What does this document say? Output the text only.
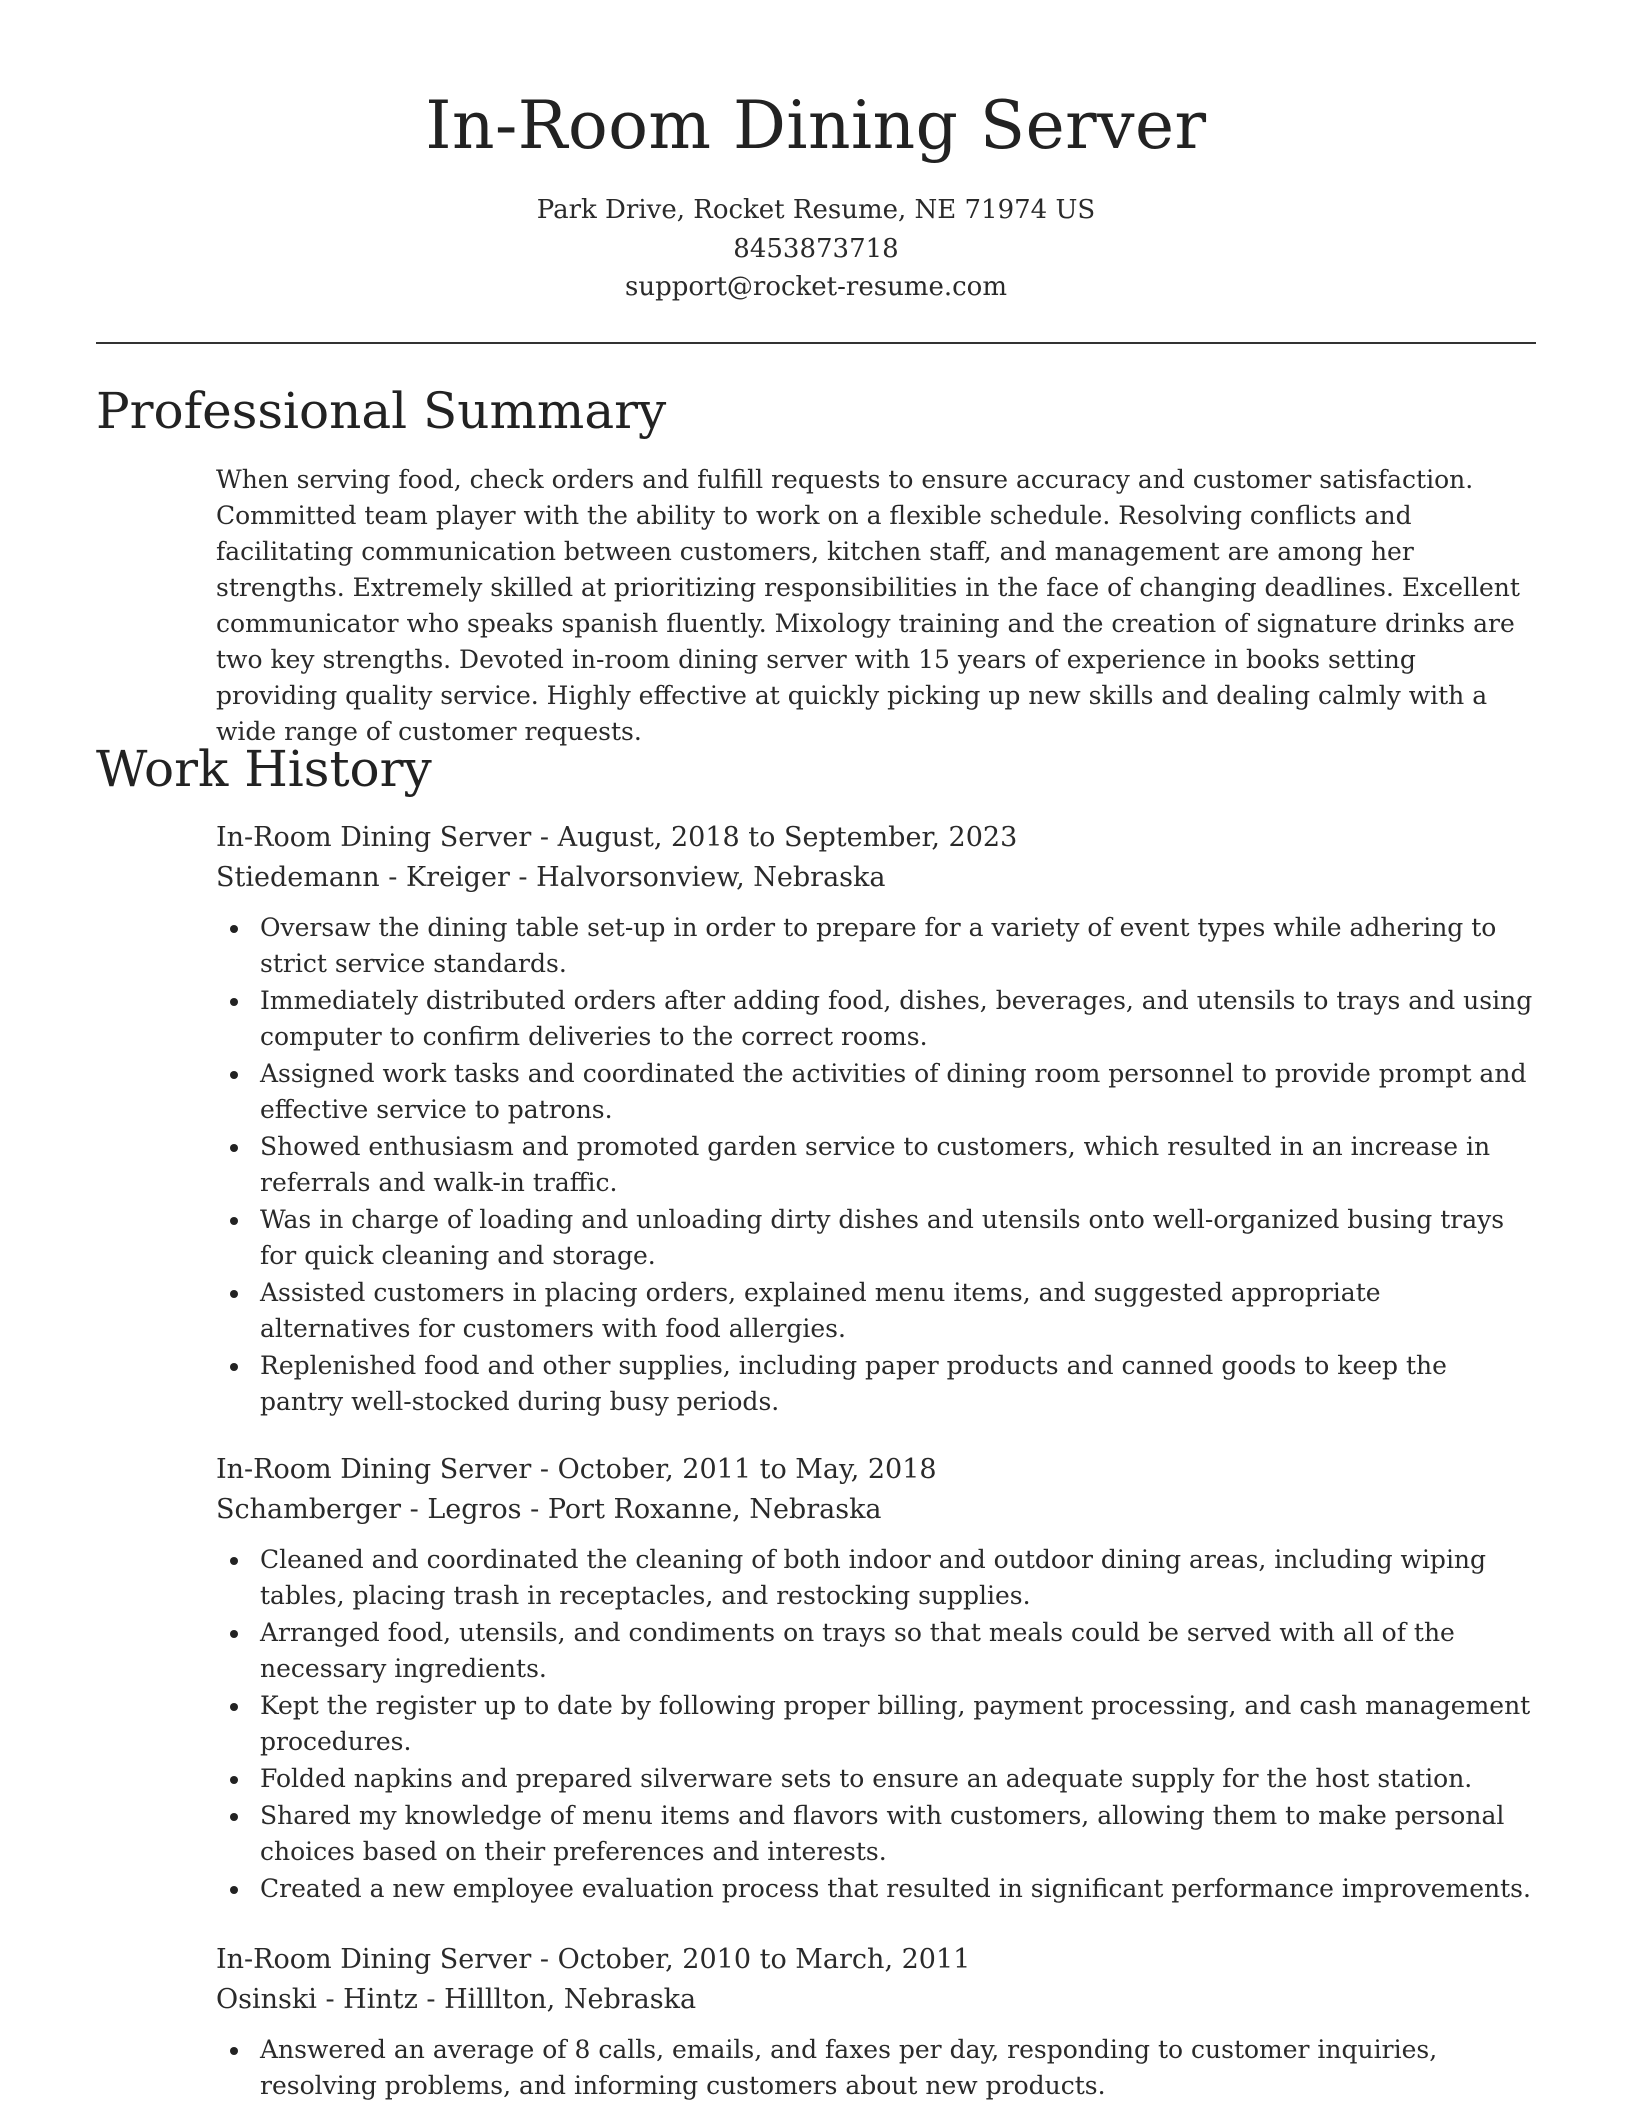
In-Room Dining Server
Park Drive, Rocket Resume, NE 71974 US
8453873718
support@rocket-resume.com
Professional Summary
When serving food, check orders and fulfill requests to ensure accuracy and customer satisfaction. Committed team player with the ability to work on a flexible schedule. Resolving conflicts and facilitating communication between customers, kitchen staff, and management are among her strengths. Extremely skilled at prioritizing responsibilities in the face of changing deadlines. Excellent communicator who speaks spanish fluently. Mixology training and the creation of signature drinks are two key strengths. Devoted in-room dining server with 15 years of experience in books setting providing quality service. Highly effective at quickly picking up new skills and dealing calmly with a wide range of customer requests.
Work History
In-Room Dining Server - August, 2018 to September, 2023
Stiedemann - Kreiger - Halvorsonview, Nebraska
Oversaw the dining table set-up in order to prepare for a variety of event types while adhering to strict service standards.
Immediately distributed orders after adding food, dishes, beverages, and utensils to trays and using computer to confirm deliveries to the correct rooms.
Assigned work tasks and coordinated the activities of dining room personnel to provide prompt and effective service to patrons.
Showed enthusiasm and promoted garden service to customers, which resulted in an increase in referrals and walk-in traffic.
Was in charge of loading and unloading dirty dishes and utensils onto well-organized busing trays for quick cleaning and storage.
Assisted customers in placing orders, explained menu items, and suggested appropriate alternatives for customers with food allergies.
Replenished food and other supplies, including paper products and canned goods to keep the pantry well-stocked during busy periods.
In-Room Dining Server - October, 2011 to May, 2018
Schamberger - Legros - Port Roxanne, Nebraska
Cleaned and coordinated the cleaning of both indoor and outdoor dining areas, including wiping tables, placing trash in receptacles, and restocking supplies.
Arranged food, utensils, and condiments on trays so that meals could be served with all of the necessary ingredients.
Kept the register up to date by following proper billing, payment processing, and cash management procedures.
Folded napkins and prepared silverware sets to ensure an adequate supply for the host station.
Shared my knowledge of menu items and flavors with customers, allowing them to make personal choices based on their preferences and interests.
Created a new employee evaluation process that resulted in significant performance improvements.
In-Room Dining Server - October, 2010 to March, 2011
Osinski - Hintz - Hilllton, Nebraska
Answered an average of 8 calls, emails, and faxes per day, responding to customer inquiries, resolving problems, and informing customers about new products.
